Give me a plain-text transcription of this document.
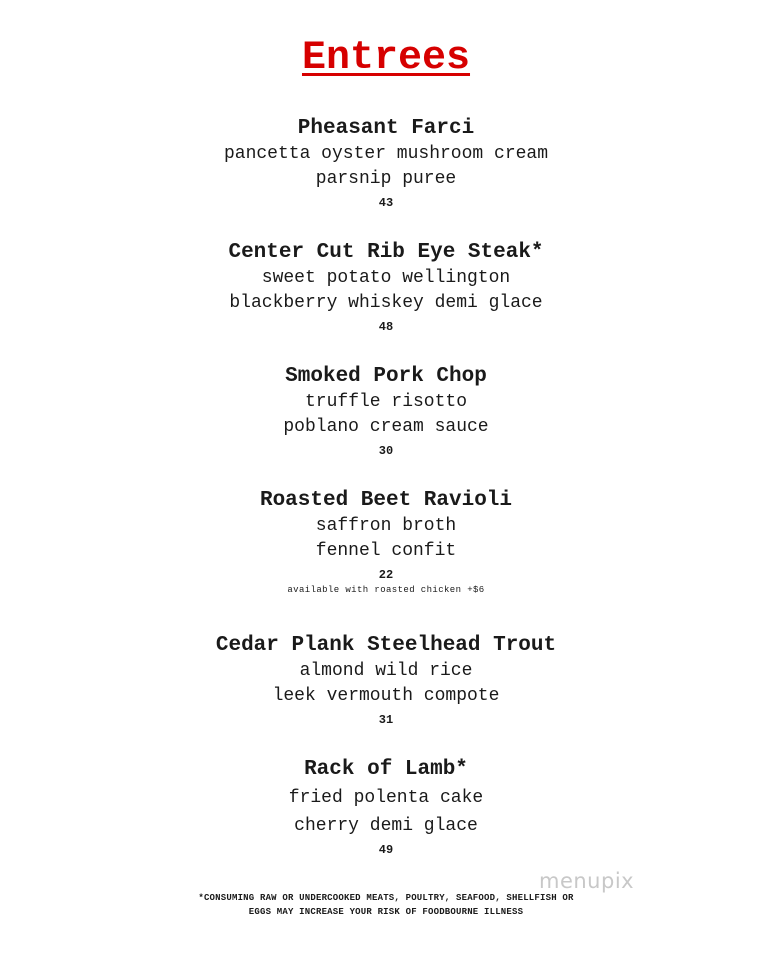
Entrees
Pheasant Farci
pancetta oyster mushroom cream
parsnip puree
43
Center Cut Rib Eye Steak*
sweet potato wellington
blackberry whiskey demi glace
48
Smoked Pork Chop
truffle risotto
poblano cream sauce
30
Roasted Beet Ravioli
saffron broth
fennel confit
22
available with roasted chicken +$6
Cedar Plank Steelhead Trout
almond wild rice
leek vermouth compote
31
Rack of Lamb*
fried polenta cake
cherry demi glace
49
*CONSUMING RAW OR UNDERCOOKED MEATS, POULTRY, SEAFOOD, SHELLFISH OR
EGGS MAY INCREASE YOUR RISK OF FOODBOURNE ILLNESS
menupix
